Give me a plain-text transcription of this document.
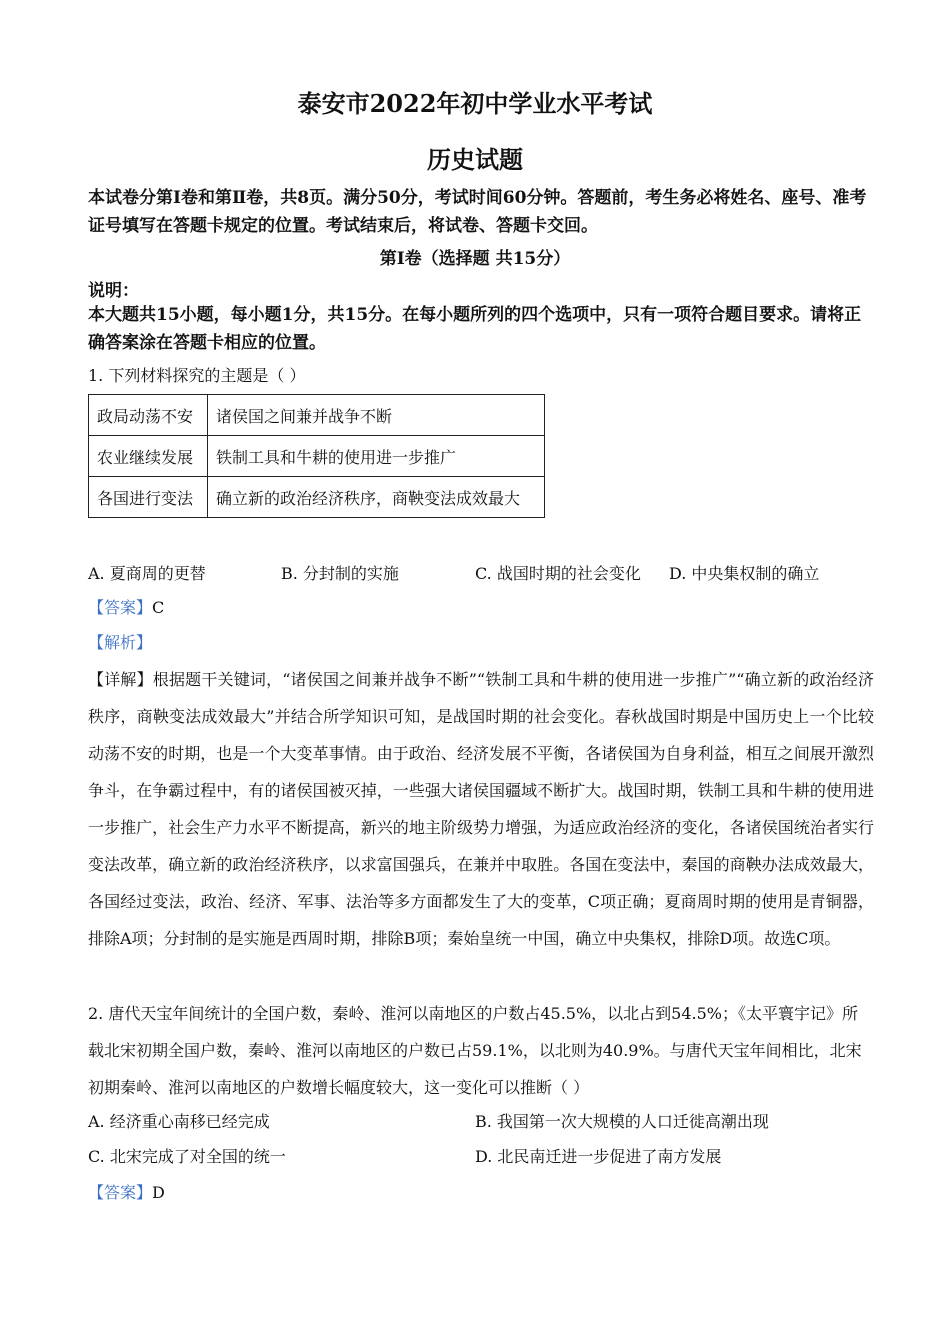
泰安市2022年初中学业水平考试
历史试题
本试卷分第Ⅰ卷和第Ⅱ卷，共8页。满分50分，考试时间60分钟。答题前，考生务必将姓名、座号、准考证号填写在答题卡规定的位置。考试结束后，将试卷、答题卡交回。
第Ⅰ卷（选择题 共15分）
说明：
本大题共15小题，每小题1分，共15分。在每小题所列的四个选项中，只有一项符合题目要求。请将正确答案涂在答题卡相应的位置。
1. 下列材料探究的主题是（ ）
政局动荡不安	诸侯国之间兼并战争不断
农业继续发展	铁制工具和牛耕的使用进一步推广
各国进行变法	确立新的政治经济秩序，商鞅变法成效最大
A. 夏商周的更替	B. 分封制的实施	C. 战国时期的社会变化 D. 中央集权制的确立
【答案】C
【解析】
【详解】根据题干关键词，“诸侯国之间兼并战争不断”“铁制工具和牛耕的使用进一步推广”“确立新的政治经济秩序，商鞅变法成效最大”并结合所学知识可知，是战国时期的社会变化。春秋战国时期是中国历史上一个比较动荡不安的时期，也是一个大变革事情。由于政治、经济发展不平衡，各诸侯国为自身利益，相互之间展开激烈争斗，在争霸过程中，有的诸侯国被灭掉，一些强大诸侯国疆域不断扩大。战国时期，铁制工具和牛耕的使用进一步推广，社会生产力水平不断提高，新兴的地主阶级势力增强，为适应政治经济的变化，各诸侯国统治者实行变法改革，确立新的政治经济秩序，以求富国强兵，在兼并中取胜。各国在变法中，秦国的商鞅办法成效最大，各国经过变法，政治、经济、军事、法治等多方面都发生了大的变革，C项正确；夏商周时期的使用是青铜器，排除A项；分封制的是实施是西周时期，排除B项；秦始皇统一中国，确立中央集权，排除D项。故选C项。
2. 唐代天宝年间统计的全国户数，秦岭、淮河以南地区的户数占45.5%，以北占到54.5%；《太平寰宇记》所载北宋初期全国户数，秦岭、淮河以南地区的户数已占59.1%，以北则为40.9%。与唐代天宝年间相比，北宋初期秦岭、淮河以南地区的户数增长幅度较大，这一变化可以推断（ ）
A. 经济重心南移已经完成	B. 我国第一次大规模的人口迁徙高潮出现
C. 北宋完成了对全国的统一	D. 北民南迁进一步促进了南方发展
【答案】D
